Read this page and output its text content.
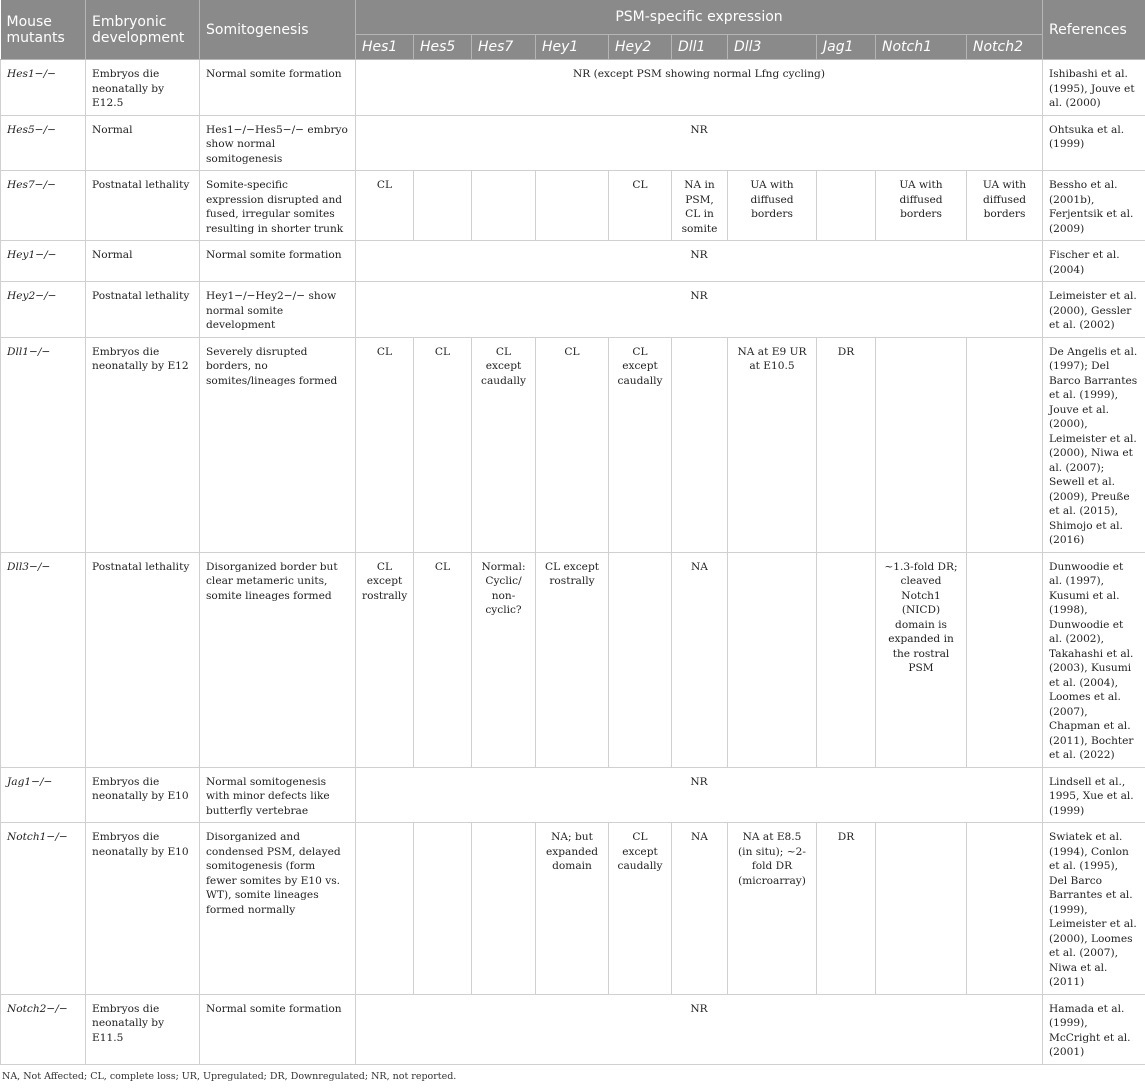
Mouse mutants	Embryonic development	Somitogenesis	PSM-specific expression										References
			Hes1	Hes5	Hes7	Hey1	Hey2	Dll1	Dll3	Jag1	Notch1	Notch2	
Hes1−/−	Embryos die neonatally by E12.5	Normal somite formation	NR (except PSM showing normal Lfng cycling)										Ishibashi et al. (1995), Jouve et al. (2000)
Hes5−/−	Normal	Hes1−/−Hes5−/− embryo show normal somitogenesis	NR										Ohtsuka et al. (1999)
Hes7−/−	Postnatal lethality	Somite-specific expression disrupted and fused, irregular somites resulting in shorter trunk	CL				CL	NA in PSM, CL in somite	UA with diffused borders		UA with diffused borders	UA with diffused borders	Bessho et al. (2001b), Ferjentsik et al. (2009)
Hey1−/−	Normal	Normal somite formation	NR										Fischer et al. (2004)
Hey2−/−	Postnatal lethality	Hey1−/−Hey2−/− show normal somite development	NR										Leimeister et al. (2000), Gessler et al. (2002)
Dll1−/−	Embryos die neonatally by E12	Severely disrupted borders, no somites/lineages formed	CL	CL	CL except caudally	CL	CL except caudally		NA at E9 UR at E10.5	DR			De Angelis et al. (1997); Del Barco Barrantes et al. (1999), Jouve et al. (2000), Leimeister et al. (2000), Niwa et al. (2007); Sewell et al. (2009), Preuße et al. (2015), Shimojo et al. (2016)
Dll3−/−	Postnatal lethality	Disorganized border but clear metameric units, somite lineages formed	CL except rostrally	CL	Normal: Cyclic/ non-cyclic?	CL except rostrally		NA			~1.3-fold DR; cleaved Notch1 (NICD) domain is expanded in the rostral PSM		Dunwoodie et al. (1997), Kusumi et al. (1998), Dunwoodie et al. (2002), Takahashi et al. (2003), Kusumi et al. (2004), Loomes et al. (2007), Chapman et al. (2011), Bochter et al. (2022)
Jag1−/−	Embryos die neonatally by E10	Normal somitogenesis with minor defects like butterfly vertebrae	NR										Lindsell et al., 1995, Xue et al. (1999)
Notch1−/−	Embryos die neonatally by E10	Disorganized and condensed PSM, delayed somitogenesis (form fewer somites by E10 vs. WT), somite lineages formed normally				NA; but expanded domain	CL except caudally	NA	NA at E8.5 (in situ); ~2-fold DR (microarray)	DR			Swiatek et al. (1994), Conlon et al. (1995), Del Barco Barrantes et al. (1999), Leimeister et al. (2000), Loomes et al. (2007), Niwa et al. (2011)
Notch2−/−	Embryos die neonatally by E11.5	Normal somite formation	NR										Hamada et al. (1999), McCright et al. (2001)
NA, Not Affected; CL, complete loss; UR, Upregulated; DR, Downregulated; NR, not reported.
